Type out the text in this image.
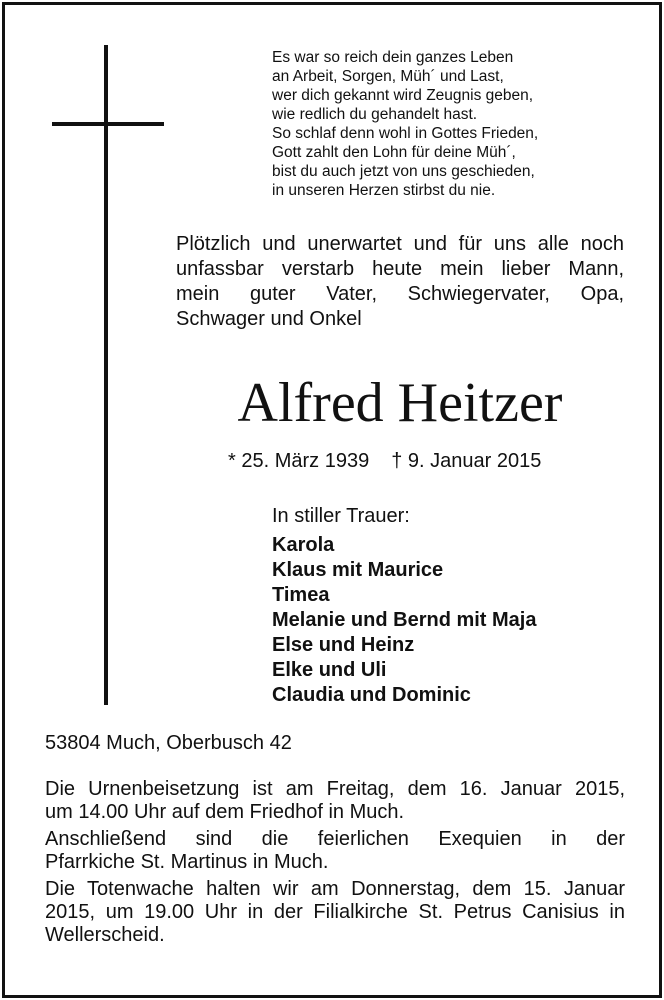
Es war so reich dein ganzes Leben
an Arbeit, Sorgen, Müh´ und Last,
wer dich gekannt wird Zeugnis geben,
wie redlich du gehandelt hast.
So schlaf denn wohl in Gottes Frieden,
Gott zahlt den Lohn für deine Müh´,
bist du auch jetzt von uns geschieden,
in unseren Herzen stirbst du nie.
Plötzlich und unerwartet und für uns alle noch
unfassbar verstarb heute mein lieber Mann,
mein guter Vater, Schwiegervater, Opa,
Schwager und Onkel
Alfred Heitzer
* 25. März 1939 † 9. Januar 2015
In stiller Trauer:
Karola
Klaus mit Maurice
Timea
Melanie und Bernd mit Maja
Else und Heinz
Elke und Uli
Claudia und Dominic
53804 Much, Oberbusch 42
Die Urnenbeisetzung ist am Freitag, dem 16. Januar 2015,
um 14.00 Uhr auf dem Friedhof in Much.
Anschließend sind die feierlichen Exequien in der
Pfarrkiche St. Martinus in Much.
Die Totenwache halten wir am Donnerstag, dem 15. Januar
2015, um 19.00 Uhr in der Filialkirche St. Petrus Canisius in
Wellerscheid.
